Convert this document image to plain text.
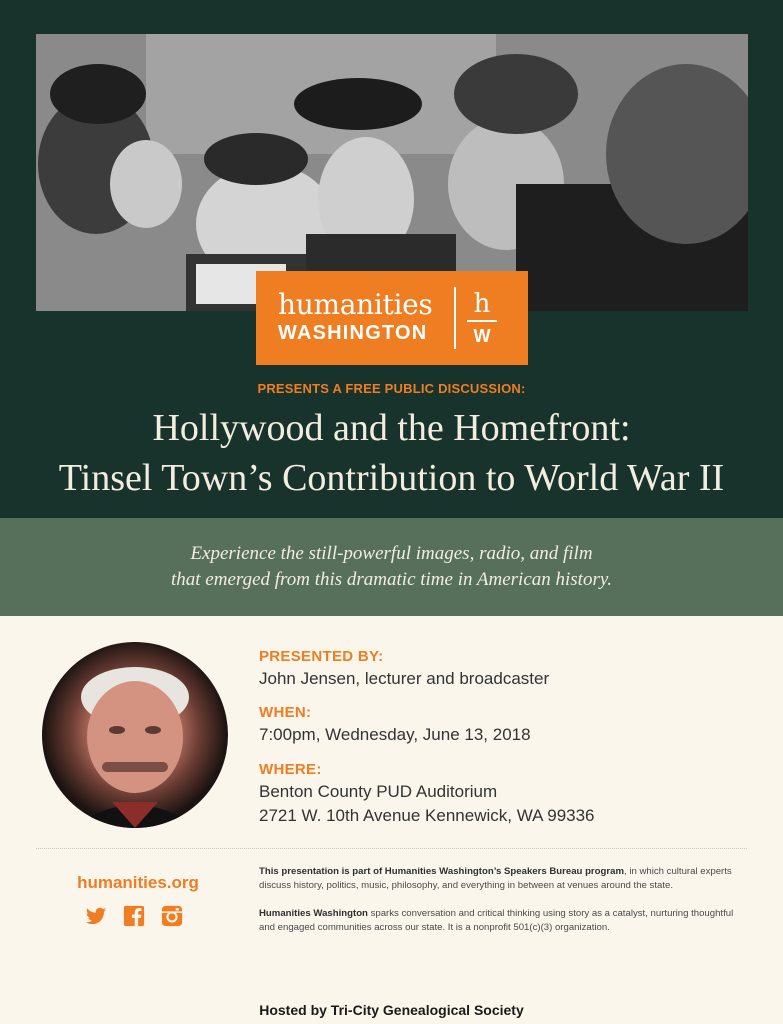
humanities
WASHINGTON
h
W
PRESENTS A FREE PUBLIC DISCUSSION:
Hollywood and the Homefront:
Tinsel Town’s Contribution to World War II
Experience the still-powerful images, radio, and film
that emerged from this dramatic time in American history.
PRESENTED BY:
John Jensen, lecturer and broadcaster
WHEN:
7:00pm, Wednesday, June 13, 2018
WHERE:
Benton County PUD Auditorium
2721 W. 10th Avenue Kennewick, WA 99336
humanities.org
This presentation is part of Humanities Washington’s Speakers Bureau program, in which cultural experts discuss history, politics, music, philosophy, and everything in between at venues around the state.
Humanities Washington sparks conversation and critical thinking using story as a catalyst, nurturing thoughtful and engaged communities across our state. It is a nonprofit 501(c)(3) organization.
Hosted by Tri-City Genealogical Society
